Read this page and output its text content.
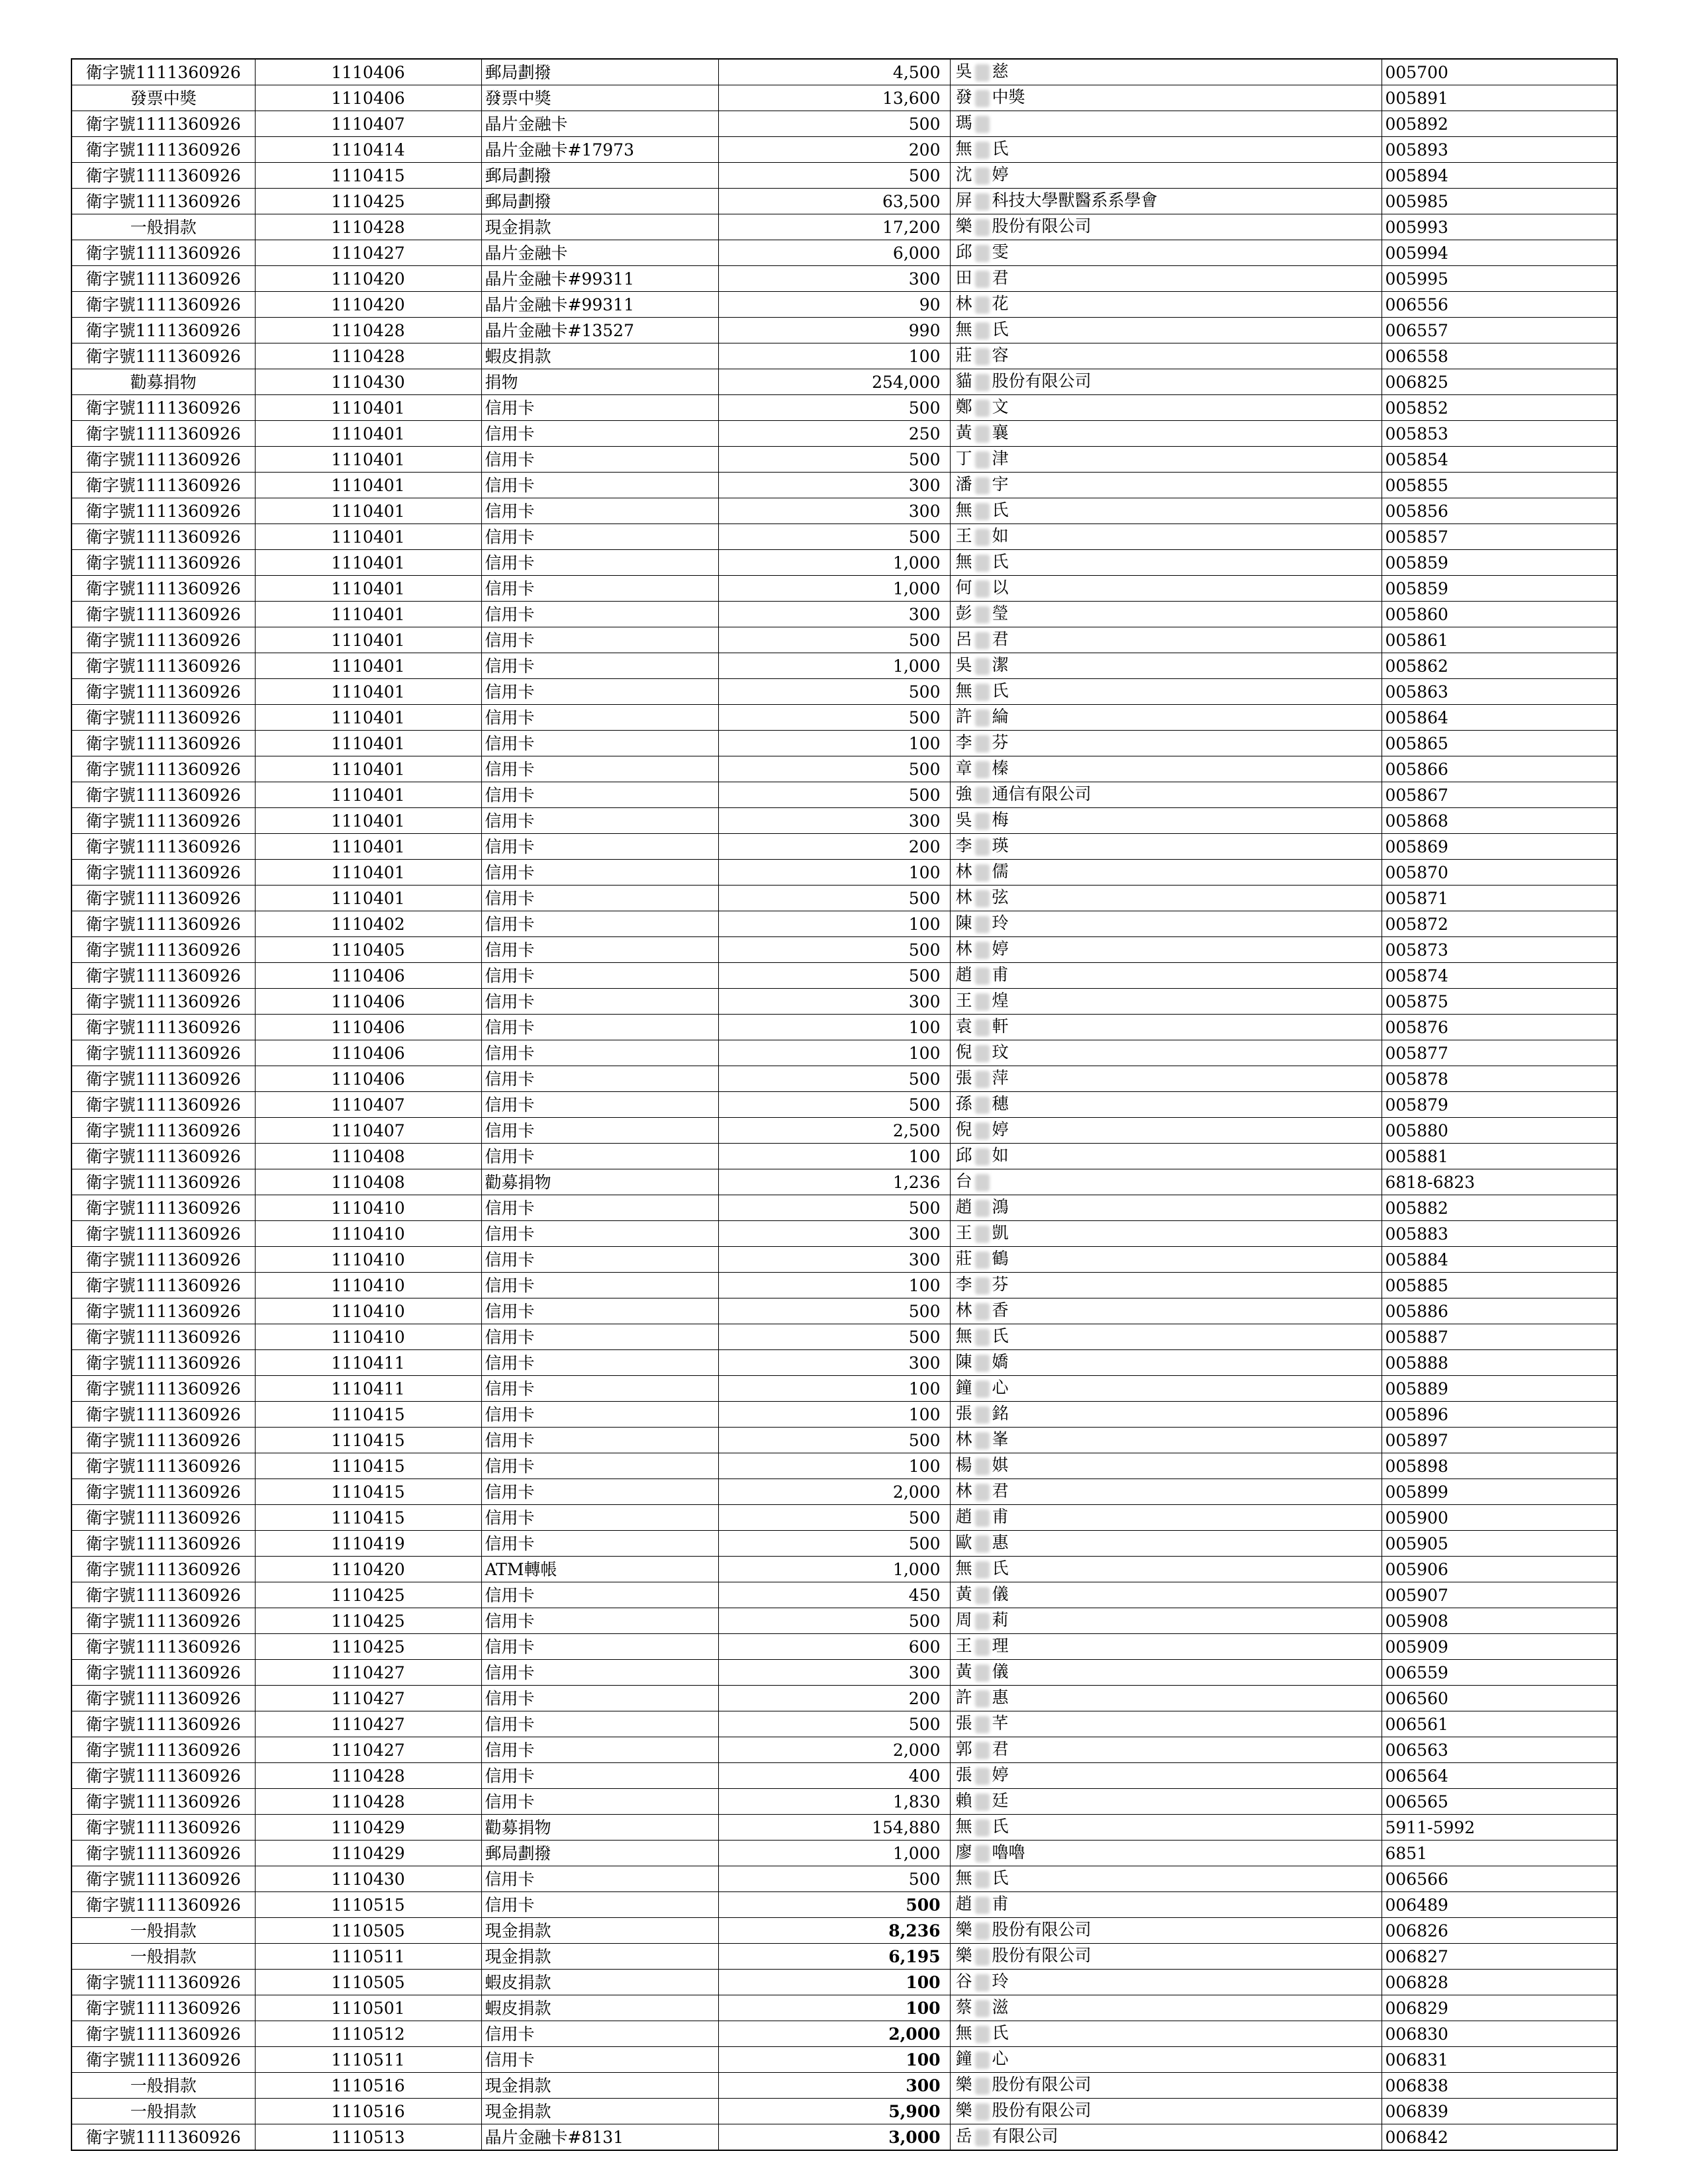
衛字號1111360926	1110406	郵局劃撥	4,500	吳 慈	005700
發票中獎	1110406	發票中獎	13,600	發 中獎	005891
衛字號1111360926	1110407	晶片金融卡	500	瑪	005892
衛字號1111360926	1110414	晶片金融卡#17973	200	無 氏	005893
衛字號1111360926	1110415	郵局劃撥	500	沈 婷	005894
衛字號1111360926	1110425	郵局劃撥	63,500	屏 科技大學獸醫系系學會	005985
一般捐款	1110428	現金捐款	17,200	樂 股份有限公司	005993
衛字號1111360926	1110427	晶片金融卡	6,000	邱 雯	005994
衛字號1111360926	1110420	晶片金融卡#99311	300	田 君	005995
衛字號1111360926	1110420	晶片金融卡#99311	90	林 花	006556
衛字號1111360926	1110428	晶片金融卡#13527	990	無 氏	006557
衛字號1111360926	1110428	蝦皮捐款	100	莊 容	006558
勸募捐物	1110430	捐物	254,000	貓 股份有限公司	006825
衛字號1111360926	1110401	信用卡	500	鄭 文	005852
衛字號1111360926	1110401	信用卡	250	黃 襄	005853
衛字號1111360926	1110401	信用卡	500	丁 津	005854
衛字號1111360926	1110401	信用卡	300	潘 宇	005855
衛字號1111360926	1110401	信用卡	300	無 氏	005856
衛字號1111360926	1110401	信用卡	500	王 如	005857
衛字號1111360926	1110401	信用卡	1,000	無 氏	005859
衛字號1111360926	1110401	信用卡	1,000	何 以	005859
衛字號1111360926	1110401	信用卡	300	彭 瑩	005860
衛字號1111360926	1110401	信用卡	500	呂 君	005861
衛字號1111360926	1110401	信用卡	1,000	吳 潔	005862
衛字號1111360926	1110401	信用卡	500	無 氏	005863
衛字號1111360926	1110401	信用卡	500	許 綸	005864
衛字號1111360926	1110401	信用卡	100	李 芬	005865
衛字號1111360926	1110401	信用卡	500	章 榛	005866
衛字號1111360926	1110401	信用卡	500	強 通信有限公司	005867
衛字號1111360926	1110401	信用卡	300	吳 梅	005868
衛字號1111360926	1110401	信用卡	200	李 瑛	005869
衛字號1111360926	1110401	信用卡	100	林 儒	005870
衛字號1111360926	1110401	信用卡	500	林 弦	005871
衛字號1111360926	1110402	信用卡	100	陳 玲	005872
衛字號1111360926	1110405	信用卡	500	林 婷	005873
衛字號1111360926	1110406	信用卡	500	趙 甫	005874
衛字號1111360926	1110406	信用卡	300	王 煌	005875
衛字號1111360926	1110406	信用卡	100	袁 軒	005876
衛字號1111360926	1110406	信用卡	100	倪 玟	005877
衛字號1111360926	1110406	信用卡	500	張 萍	005878
衛字號1111360926	1110407	信用卡	500	孫 穗	005879
衛字號1111360926	1110407	信用卡	2,500	倪 婷	005880
衛字號1111360926	1110408	信用卡	100	邱 如	005881
衛字號1111360926	1110408	勸募捐物	1,236	台	6818-6823
衛字號1111360926	1110410	信用卡	500	趙 鴻	005882
衛字號1111360926	1110410	信用卡	300	王 凱	005883
衛字號1111360926	1110410	信用卡	300	莊 鶴	005884
衛字號1111360926	1110410	信用卡	100	李 芬	005885
衛字號1111360926	1110410	信用卡	500	林 香	005886
衛字號1111360926	1110410	信用卡	500	無 氏	005887
衛字號1111360926	1110411	信用卡	300	陳 嬌	005888
衛字號1111360926	1110411	信用卡	100	鐘 心	005889
衛字號1111360926	1110415	信用卡	100	張 銘	005896
衛字號1111360926	1110415	信用卡	500	林 峯	005897
衛字號1111360926	1110415	信用卡	100	楊 娸	005898
衛字號1111360926	1110415	信用卡	2,000	林 君	005899
衛字號1111360926	1110415	信用卡	500	趙 甫	005900
衛字號1111360926	1110419	信用卡	500	歐 惠	005905
衛字號1111360926	1110420	ATM轉帳	1,000	無 氏	005906
衛字號1111360926	1110425	信用卡	450	黃 儀	005907
衛字號1111360926	1110425	信用卡	500	周 莉	005908
衛字號1111360926	1110425	信用卡	600	王 理	005909
衛字號1111360926	1110427	信用卡	300	黃 儀	006559
衛字號1111360926	1110427	信用卡	200	許 惠	006560
衛字號1111360926	1110427	信用卡	500	張 芊	006561
衛字號1111360926	1110427	信用卡	2,000	郭 君	006563
衛字號1111360926	1110428	信用卡	400	張 婷	006564
衛字號1111360926	1110428	信用卡	1,830	賴 廷	006565
衛字號1111360926	1110429	勸募捐物	154,880	無 氏	5911-5992
衛字號1111360926	1110429	郵局劃撥	1,000	廖 嚕嚕	6851
衛字號1111360926	1110430	信用卡	500	無 氏	006566
衛字號1111360926	1110515	信用卡	500	趙 甫	006489
一般捐款	1110505	現金捐款	8,236	樂 股份有限公司	006826
一般捐款	1110511	現金捐款	6,195	樂 股份有限公司	006827
衛字號1111360926	1110505	蝦皮捐款	100	谷 玲	006828
衛字號1111360926	1110501	蝦皮捐款	100	蔡 滋	006829
衛字號1111360926	1110512	信用卡	2,000	無 氏	006830
衛字號1111360926	1110511	信用卡	100	鐘 心	006831
一般捐款	1110516	現金捐款	300	樂 股份有限公司	006838
一般捐款	1110516	現金捐款	5,900	樂 股份有限公司	006839
衛字號1111360926	1110513	晶片金融卡#8131	3,000	岳 有限公司	006842
